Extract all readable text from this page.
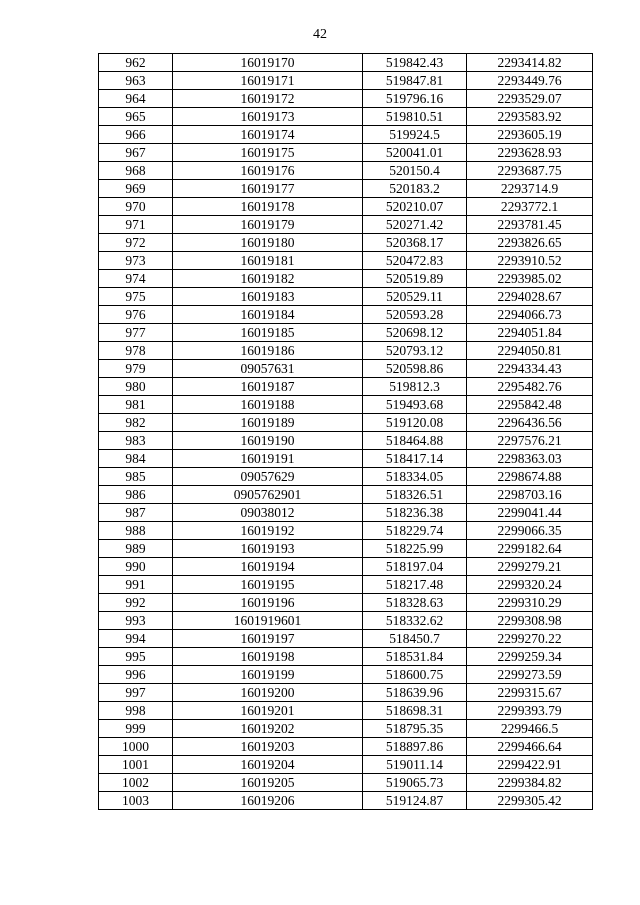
42
962	16019170	519842.43	2293414.82
963	16019171	519847.81	2293449.76
964	16019172	519796.16	2293529.07
965	16019173	519810.51	2293583.92
966	16019174	519924.5	2293605.19
967	16019175	520041.01	2293628.93
968	16019176	520150.4	2293687.75
969	16019177	520183.2	2293714.9
970	16019178	520210.07	2293772.1
971	16019179	520271.42	2293781.45
972	16019180	520368.17	2293826.65
973	16019181	520472.83	2293910.52
974	16019182	520519.89	2293985.02
975	16019183	520529.11	2294028.67
976	16019184	520593.28	2294066.73
977	16019185	520698.12	2294051.84
978	16019186	520793.12	2294050.81
979	09057631	520598.86	2294334.43
980	16019187	519812.3	2295482.76
981	16019188	519493.68	2295842.48
982	16019189	519120.08	2296436.56
983	16019190	518464.88	2297576.21
984	16019191	518417.14	2298363.03
985	09057629	518334.05	2298674.88
986	0905762901	518326.51	2298703.16
987	09038012	518236.38	2299041.44
988	16019192	518229.74	2299066.35
989	16019193	518225.99	2299182.64
990	16019194	518197.04	2299279.21
991	16019195	518217.48	2299320.24
992	16019196	518328.63	2299310.29
993	1601919601	518332.62	2299308.98
994	16019197	518450.7	2299270.22
995	16019198	518531.84	2299259.34
996	16019199	518600.75	2299273.59
997	16019200	518639.96	2299315.67
998	16019201	518698.31	2299393.79
999	16019202	518795.35	2299466.5
1000	16019203	518897.86	2299466.64
1001	16019204	519011.14	2299422.91
1002	16019205	519065.73	2299384.82
1003	16019206	519124.87	2299305.42
